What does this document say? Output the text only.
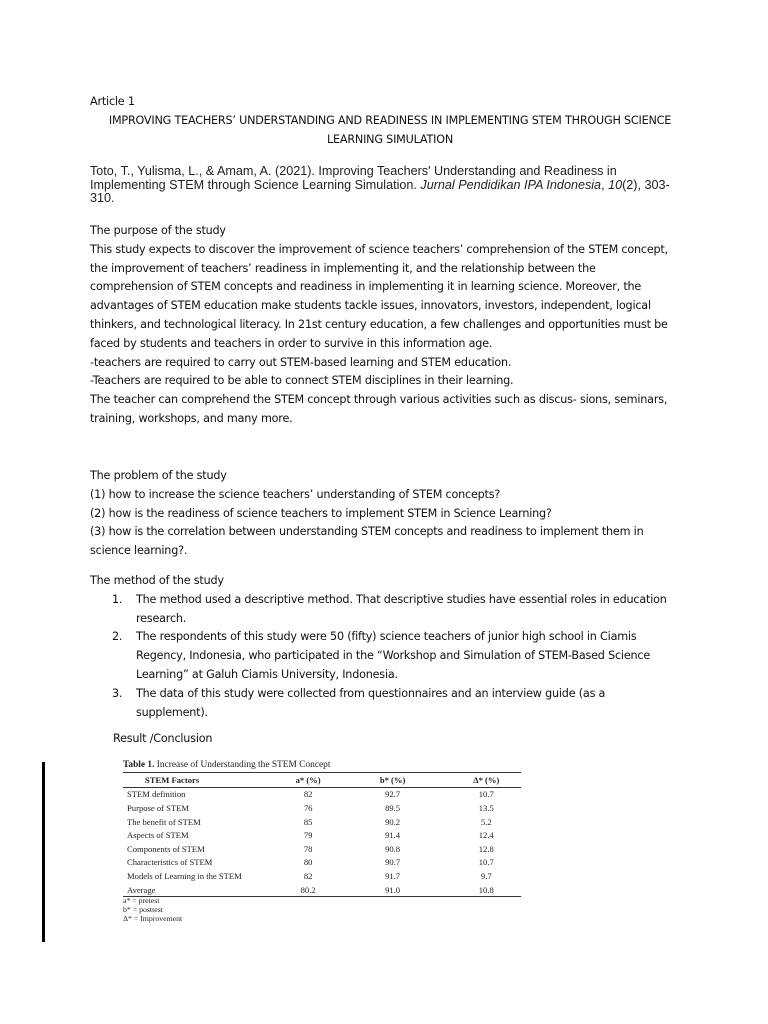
Article 1

IMPROVING TEACHERS’ UNDERSTANDING AND READINESS IN IMPLEMENTING STEM THROUGH SCIENCE

LEARNING SIMULATION

Toto, T., Yulisma, L., & Amam, A. (2021). Improving Teachers' Understanding and Readiness in Implementing STEM through Science Learning Simulation. Jurnal Pendidikan IPA Indonesia, 10(2), 303-310.

The purpose of the study

This study expects to discover the improvement of science teachers’ comprehension of the STEM concept, the improvement of teachers’ readiness in implementing it, and the relationship between the comprehension of STEM concepts and readiness in implementing it in learning science. Moreover, the advantages of STEM education make students tackle issues, innovators, investors, independent, logical thinkers, and technological literacy. In 21st century education, a few challenges and opportunities must be faced by students and teachers in order to survive in this information age.

-teachers are required to carry out STEM-based learning and STEM education.

-Teachers are required to be able to connect STEM disciplines in their learning.

The teacher can comprehend the STEM concept through various activities such as discus- sions, seminars, training, workshops, and many more.

The problem of the study

(1) how to increase the science teachers’ understanding of STEM concepts?

(2) how is the readiness of science teachers to implement STEM in Science Learning?

(3) how is the correlation between understanding STEM concepts and readiness to implement them in science learning?.

The method of the study

1. The method used a descriptive method. That descriptive studies have essential roles in education research.
2. The respondents of this study were 50 (fifty) science teachers of junior high school in Ciamis Regency, Indonesia, who participated in the “Workshop and Simulation of STEM-Based Science Learning” at Galuh Ciamis University, Indonesia.
3. The data of this study were collected from questionnaires and an interview guide (as a supplement).
Result /Conclusion
Table 1. Increase of Understanding the STEM Concept
STEM Factors	a* (%)	b* (%)	Δ* (%)
STEM definition	82	92.7	10.7
Purpose of STEM	76	89.5	13.5
The benefit of STEM	85	90.2	5.2
Aspects of STEM	79	91.4	12.4
Components of STEM	78	90.8	12.8
Characteristics of STEM	80	90.7	10.7
Models of Learning in the STEM	82	91.7	9.7
Average	80.2	91.0	10.8
a* = pretest
b* = posttest
Δ* = Improvement
